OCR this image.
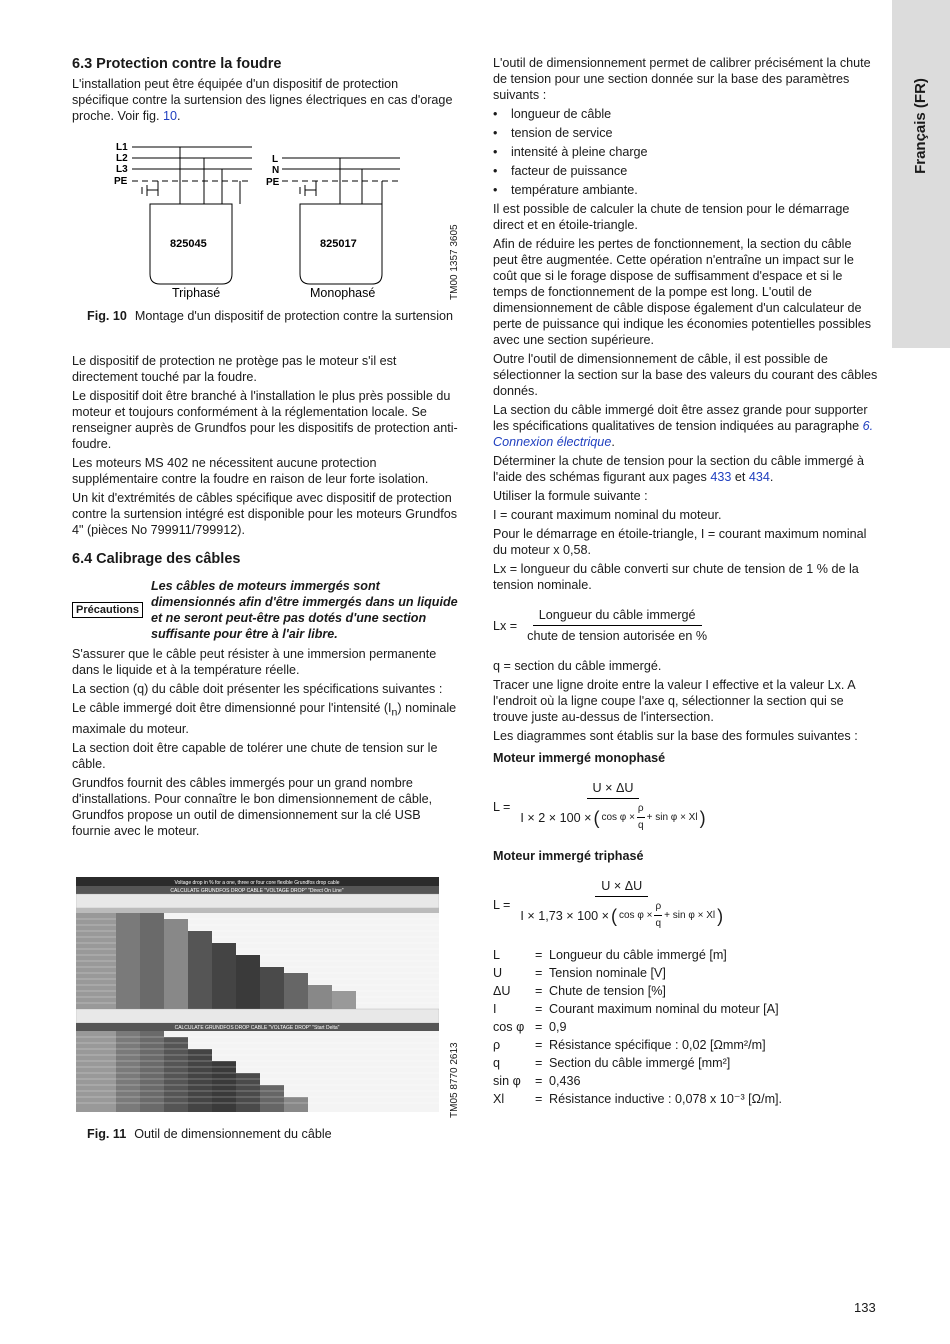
Français (FR)
6.3 Protection contre la foudre

L'installation peut être équipée d'un dispositif de protection spécifique contre la surtension des lignes électriques en cas d'orage proche. Voir fig. 10.

L1
L2
L3
PE
L
N
PE
825045	825017
Triphasé	Monophasé	TM00 1357 3605
Fig. 10 Montage d'un dispositif de protection contre la surtension

Le dispositif de protection ne protège pas le moteur s'il est directement touché par la foudre.

Le dispositif doit être branché à l'installation le plus près possible du moteur et toujours conformément à la réglementation locale. Se renseigner auprès de Grundfos pour les dispositifs de protection anti-foudre.

Les moteurs MS 402 ne nécessitent aucune protection supplémentaire contre la foudre en raison de leur forte isolation.

Un kit d'extrémités de câbles spécifique avec dispositif de protection contre la surtension intégré est disponible pour les moteurs Grundfos 4" (pièces No 799911/799912).

6.4 Calibrage des câbles
Précautions
Les câbles de moteurs immergés sont dimensionnés afin d'être immergés dans un liquide et ne seront peut-être pas dotés d'une section suffisante pour être à l'air libre.

S'assurer que le câble peut résister à une immersion permanente dans le liquide et à la température réelle.

La section (q) du câble doit présenter les spécifications suivantes :

Le câble immergé doit être dimensionné pour l'intensité $(I_n)$ nominale maximale du moteur.

La section doit être capable de tolérer une chute de tension sur le câble.

Grundfos fournit des câbles immergés pour un grand nombre d'installations. Pour connaître le bon dimensionnement de câble, Grundfos propose un outil de dimensionnement sur la clé USB fournie avec le moteur.

Voltage drop in % for a one, three or four core flexible Grundfos drop cable
CALCULATE GRUNDFOS DROP CABLE "VOLTAGE DROP" "Direct On Line"
CALCULATE GRUNDFOS DROP CABLE "VOLTAGE DROP" "Start Delta"
TM05 8770 2613
Fig. 11 Outil de dimensionnement du câble

L'outil de dimensionnement permet de calibrer précisément la chute de tension pour une section donnée sur la base des paramètres suivants :

• longueur de câble
• tension de service
• intensité à pleine charge
• facteur de puissance
• température ambiante.

Il est possible de calculer la chute de tension pour le démarrage direct et en étoile-triangle.

Afin de réduire les pertes de fonctionnement, la section du câble peut être augmentée. Cette opération n'entraîne un impact sur le coût que si le forage dispose de suffisamment d'espace et si le temps de fonctionnement de la pompe est long. L'outil de dimensionnement de câble dispose également d'un calculateur de perte de puissance qui indique les économies potentielles possibles avec une section supérieure.

Outre l'outil de dimensionnement de câble, il est possible de sélectionner la section sur la base des valeurs du courant des câbles donnés.

La section du câble immergé doit être assez grande pour supporter les spécifications qualitatives de tension indiquées au paragraphe 6. Connexion électrique.

Déterminer la chute de tension pour la section du câble immergé à l'aide des schémas figurant aux pages 433 et 434.

Utiliser la formule suivante :

I = courant maximum nominal du moteur.

Pour le démarrage en étoile-triangle, I = courant maximum nominal du moteur x 0,58.

Lx = longueur du câble converti sur chute de tension de 1 % de la tension nominale.

$Lx = \frac{\text{Longueur du câble immergé}}{\text{chute de tension autorisée en \%}}$

q = section du câble immergé.

Tracer une ligne droite entre la valeur I effective et la valeur Lx. A l'endroit où la ligne coupe l'axe q, sélectionner la section qui se trouve juste au-dessus de l'intersection.

Les diagrammes sont établis sur la base des formules suivantes :

Moteur immergé monophasé

L =
U × ΔU
I × 2 × 100 × ( $\cos \varphi \times \frac{\rho}{q} + \sin \varphi \times Xl$ )

Moteur immergé triphasé

L =
U × ΔU
I × 1,73 × 100 × ( $\cos \varphi \times \frac{\rho}{q} + \sin \varphi \times Xl$ )
L	=	Longueur du câble immergé [m]
U	=	Tension nominale [V]
ΔU	=	Chute de tension [%]
I	=	Courant maximum nominal du moteur [A]
cos φ	=	0,9
ρ	=	Résistance spécifique : 0,02 [Ωmm²/m]
q	=	Section du câble immergé [mm²]
sin φ	=	0,436
Xl	=	Résistance inductive : 0,078 x 10⁻³ [Ω/m].
133
